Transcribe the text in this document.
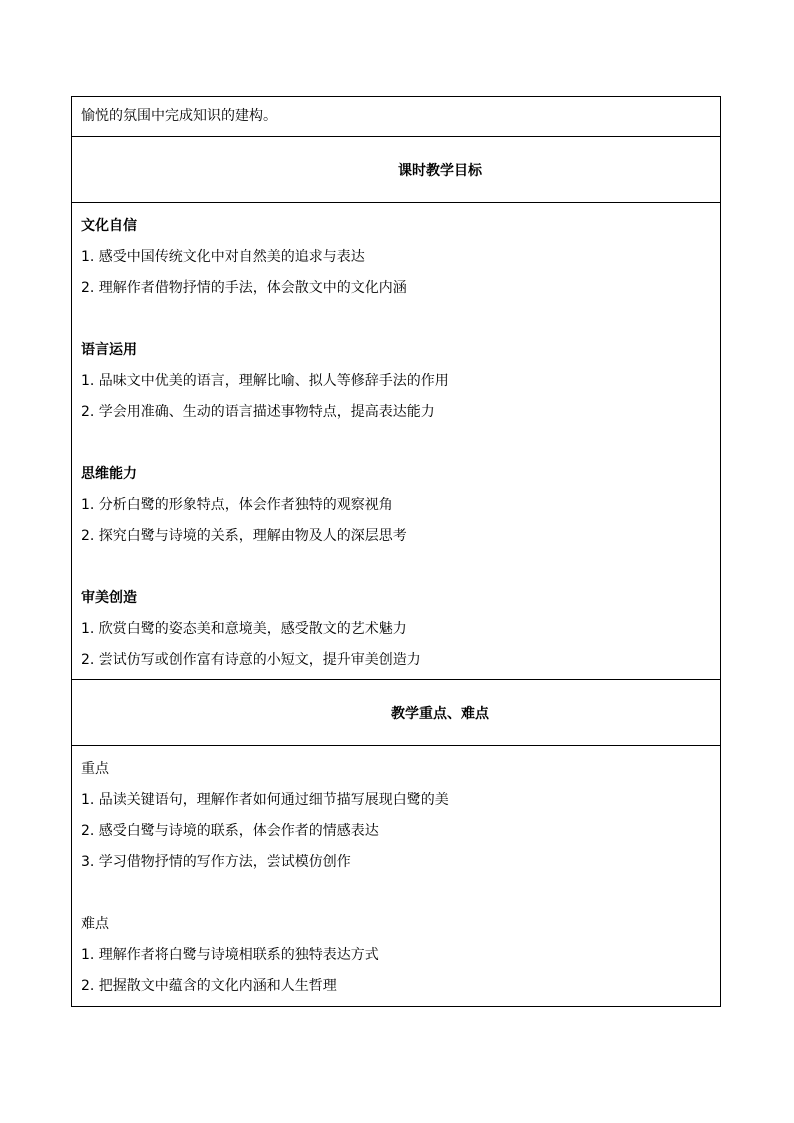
愉悦的氛围中完成知识的建构。
课时教学目标
文化自信
1. 感受中国传统文化中对自然美的追求与表达
2. 理解作者借物抒情的手法，体会散文中的文化内涵
语言运用
1. 品味文中优美的语言，理解比喻、拟人等修辞手法的作用
2. 学会用准确、生动的语言描述事物特点，提高表达能力
思维能力
1. 分析白鹭的形象特点，体会作者独特的观察视角
2. 探究白鹭与诗境的关系，理解由物及人的深层思考
审美创造
1. 欣赏白鹭的姿态美和意境美，感受散文的艺术魅力
2. 尝试仿写或创作富有诗意的小短文，提升审美创造力
教学重点、难点
重点
1. 品读关键语句，理解作者如何通过细节描写展现白鹭的美
2. 感受白鹭与诗境的联系，体会作者的情感表达
3. 学习借物抒情的写作方法，尝试模仿创作
难点
1. 理解作者将白鹭与诗境相联系的独特表达方式
2. 把握散文中蕴含的文化内涵和人生哲理
